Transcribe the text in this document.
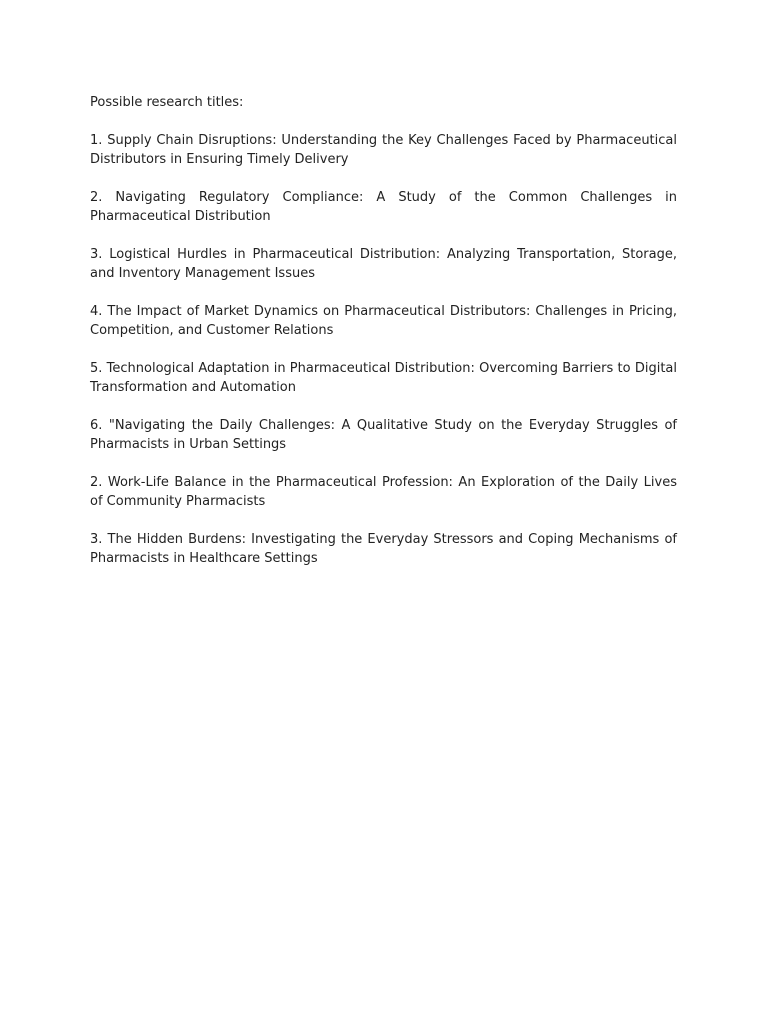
Possible research titles:

1. Supply Chain Disruptions: Understanding the Key Challenges Faced by Pharmaceutical Distributors in Ensuring Timely Delivery

2. Navigating Regulatory Compliance: A Study of the Common Challenges in Pharmaceutical Distribution

3. Logistical Hurdles in Pharmaceutical Distribution: Analyzing Transportation, Storage, and Inventory Management Issues

4. The Impact of Market Dynamics on Pharmaceutical Distributors: Challenges in Pricing, Competition, and Customer Relations

5. Technological Adaptation in Pharmaceutical Distribution: Overcoming Barriers to Digital Transformation and Automation

6. "Navigating the Daily Challenges: A Qualitative Study on the Everyday Struggles of Pharmacists in Urban Settings

2. Work-Life Balance in the Pharmaceutical Profession: An Exploration of the Daily Lives of Community Pharmacists

3. The Hidden Burdens: Investigating the Everyday Stressors and Coping Mechanisms of Pharmacists in Healthcare Settings
